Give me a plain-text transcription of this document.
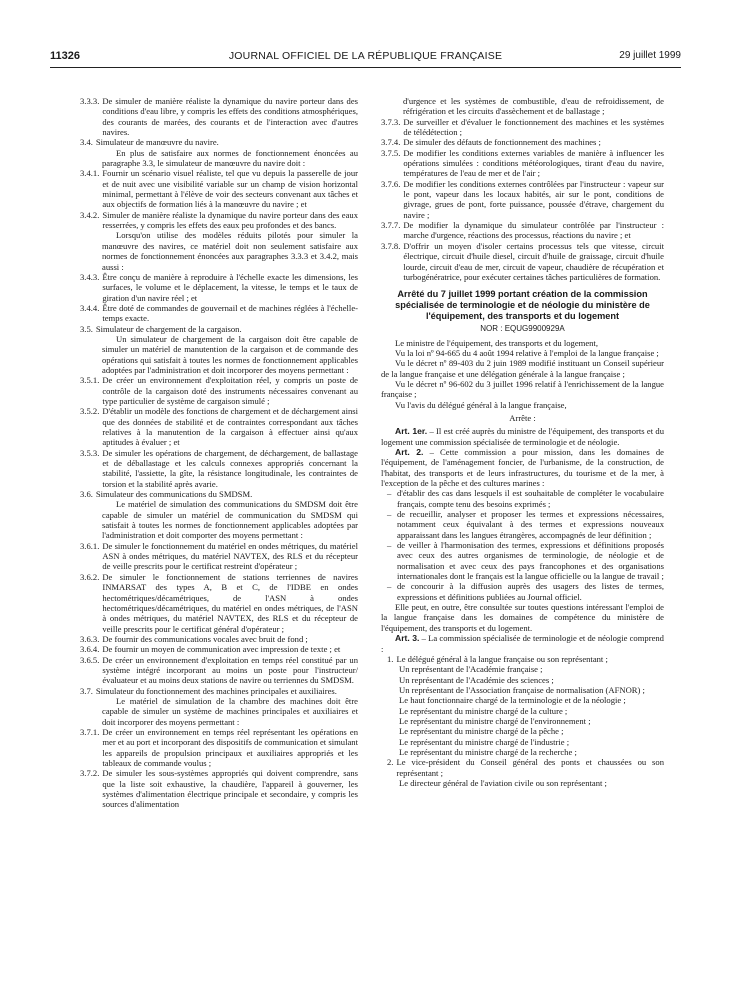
11326	JOURNAL OFFICIEL DE LA RÉPUBLIQUE FRANÇAISE	29 juillet 1999
3.3.3. De simuler de manière réaliste la dynamique du navire porteur dans des conditions d'eau libre, y compris les effets des conditions atmosphériques, des courants de marées, des courants et de l'interaction avec d'autres navires.
3.4. Simulateur de manœuvre du navire.
En plus de satisfaire aux normes de fonctionnement énoncées au paragraphe 3.3, le simulateur de manœuvre du navire doit :
3.4.1. Fournir un scénario visuel réaliste, tel que vu depuis la passerelle de jour et de nuit avec une visibilité variable sur un champ de vision horizontal minimal, permettant à l'élève de voir des secteurs convenant aux tâches et aux objectifs de formation liés à la manœuvre du navire ; et
3.4.2. Simuler de manière réaliste la dynamique du navire porteur dans des eaux resserrées, y compris les effets des eaux peu profondes et des bancs.
Lorsqu'on utilise des modèles réduits pilotés pour simuler la manœuvre des navires, ce matériel doit non seulement satisfaire aux normes de fonctionnement énoncées aux paragraphes 3.3.3 et 3.4.2, mais aussi :
3.4.3. Être conçu de manière à reproduire à l'échelle exacte les dimensions, les surfaces, le volume et le déplacement, la vitesse, le temps et le taux de giration d'un navire réel ; et
3.4.4. Être doté de commandes de gouvernail et de machines réglées à l'échelle-temps exacte.
3.5. Simulateur de chargement de la cargaison.
Un simulateur de chargement de la cargaison doit être capable de simuler un matériel de manutention de la cargaison et de commande des opérations qui satisfait à toutes les normes de fonctionnement applicables adoptées par l'administration et doit incorporer des moyens permettant :
3.5.1. De créer un environnement d'exploitation réel, y compris un poste de contrôle de la cargaison doté des instruments nécessaires convenant au type particulier de système de cargaison simulé ;
3.5.2. D'établir un modèle des fonctions de chargement et de déchargement ainsi que des données de stabilité et de contraintes correspondant aux tâches relatives à la manutention de la cargaison à effectuer ainsi qu'aux aptitudes à évaluer ; et
3.5.3. De simuler les opérations de chargement, de déchargement, de ballastage et de déballastage et les calculs connexes appropriés concernant la stabilité, l'assiette, la gîte, la résistance longitudinale, les contraintes de torsion et la stabilité après avarie.
3.6. Simulateur des communications du SMDSM.
Le matériel de simulation des communications du SMDSM doit être capable de simuler un matériel de communication du SMDSM qui satisfait à toutes les normes de fonctionnement applicables adoptées par l'administration et doit comporter des moyens permettant :
3.6.1. De simuler le fonctionnement du matériel en ondes métriques, du matériel ASN à ondes métriques, du matériel NAVTEX, des RLS et du récepteur de veille prescrits pour le certificat restreint d'opérateur ;
3.6.2. De simuler le fonctionnement de stations terriennes de navires INMARSAT des types A, B et C, de l'IDBE en ondes hectométriques/décamétriques, de l'ASN à ondes hectométriques/décamétriques, du matériel en ondes métriques, de l'ASN à ondes métriques, du matériel NAVTEX, des RLS et du récepteur de veille prescrits pour le certificat général d'opérateur ;
3.6.3. De fournir des communications vocales avec bruit de fond ;
3.6.4. De fournir un moyen de communication avec impression de texte ; et
3.6.5. De créer un environnement d'exploitation en temps réel constitué par un système intégré incorporant au moins un poste pour l'instructeur/évaluateur et au moins deux stations de navire ou terriennes du SMDSM.
3.7. Simulateur du fonctionnement des machines principales et auxiliaires.
Le matériel de simulation de la chambre des machines doit être capable de simuler un système de machines principales et auxiliaires et doit incorporer des moyens permettant :
3.7.1. De créer un environnement en temps réel représentant les opérations en mer et au port et incorporant des dispositifs de communication et simulant les appareils de propulsion principaux et auxiliaires appropriés et les tableaux de commande voulus ;
3.7.2. De simuler les sous-systèmes appropriés qui doivent comprendre, sans que la liste soit exhaustive, la chaudière, l'appareil à gouverner, les systèmes d'alimentation électrique principale et secondaire, y compris les sources d'alimentation
d'urgence et les systèmes de combustible, d'eau de refroidissement, de réfrigération et les circuits d'assèchement et de ballastage ;
3.7.3. De surveiller et d'évaluer le fonctionnement des machines et les systèmes de télédétection ;
3.7.4. De simuler des défauts de fonctionnement des machines ;
3.7.5. De modifier les conditions externes variables de manière à influencer les opérations simulées : conditions météorologiques, tirant d'eau du navire, températures de l'eau de mer et de l'air ;
3.7.6. De modifier les conditions externes contrôlées par l'instructeur : vapeur sur le pont, vapeur dans les locaux habités, air sur le pont, conditions de givrage, grues de pont, forte puissance, poussée d'étrave, chargement du navire ;
3.7.7. De modifier la dynamique du simulateur contrôlée par l'instructeur : marche d'urgence, réactions des processus, réactions du navire ; et
3.7.8. D'offrir un moyen d'isoler certains processus tels que vitesse, circuit électrique, circuit d'huile diesel, circuit d'huile de graissage, circuit d'huile lourde, circuit d'eau de mer, circuit de vapeur, chaudière de récupération et turbogénératrice, pour exécuter certaines tâches particulières de formation.
Arrêté du 7 juillet 1999 portant création de la commission spécialisée de terminologie et de néologie du ministère de l'équipement, des transports et du logement
NOR : EQUG9900929A
Le ministre de l'équipement, des transports et du logement,
Vu la loi nº 94-665 du 4 août 1994 relative à l'emploi de la langue française ;
Vu le décret nº 89-403 du 2 juin 1989 modifié instituant un Conseil supérieur de la langue française et une délégation générale à la langue française ;
Vu le décret nº 96-602 du 3 juillet 1996 relatif à l'enrichissement de la langue française ;
Vu l'avis du délégué général à la langue française,
Arrête :
Art. 1er. – Il est créé auprès du ministre de l'équipement, des transports et du logement une commission spécialisée de terminologie et de néologie.
Art. 2. – Cette commission a pour mission, dans les domaines de l'équipement, de l'aménagement foncier, de l'urbanisme, de la construction, de l'habitat, des transports et de leurs infrastructures, du tourisme et de la mer, à l'exception de la pêche et des cultures marines :
– d'établir des cas dans lesquels il est souhaitable de compléter le vocabulaire français, compte tenu des besoins exprimés ;
– de recueillir, analyser et proposer les termes et expressions nécessaires, notamment ceux équivalant à des termes et expressions nouveaux apparaissant dans les langues étrangères, accompagnés de leur définition ;
– de veiller à l'harmonisation des termes, expressions et définitions proposés avec ceux des autres organismes de terminologie, de néologie et de normalisation et avec ceux des pays francophones et des organisations internationales dont le français est la langue officielle ou la langue de travail ;
– de concourir à la diffusion auprès des usagers des listes de termes, expressions et définitions publiées au Journal officiel.
Elle peut, en outre, être consultée sur toutes questions intéressant l'emploi de la langue française dans les domaines de compétence du ministère de l'équipement, des transports et du logement.
Art. 3. – La commission spécialisée de terminologie et de néologie comprend :
1. Le délégué général à la langue française ou son représentant ;
Un représentant de l'Académie française ;
Un représentant de l'Académie des sciences ;
Un représentant de l'Association française de normalisation (AFNOR) ;
Le haut fonctionnaire chargé de la terminologie et de la néologie ;
Le représentant du ministre chargé de la culture ;
Le représentant du ministre chargé de l'environnement ;
Le représentant du ministre chargé de la pêche ;
Le représentant du ministre chargé de l'industrie ;
Le représentant du ministre chargé de la recherche ;
2. Le vice-président du Conseil général des ponts et chaussées ou son représentant ;
Le directeur général de l'aviation civile ou son représentant ;
